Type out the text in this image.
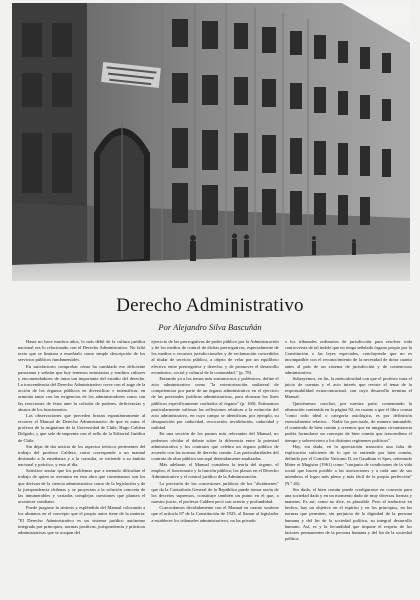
Derecho Administrativo
Por Alejandro Silva Bascuñán

Hasta no hace muchos años, lo más débil de la cultura jurídica nacional era lo relacionado con el Derecho Administrativo. No faltó texto que se limitara a enseñarlo como simple descripción de los servicios públicos fundamentales.

En satisfactorio comprobar cómo ha cambiado ese deficiente panorama y señalar que hoy tenemos entusiastas y eruditos cultores y encomendadores de rama tan importante del estudio del derecho. La trascendencia del Derecho Administrativo crece con el auge de la acción de los órganos públicos en diversificar e intensificar, en armonía tanto con las exigencias de los administradores como con las reacciones de éstos ante la colisión de poderes, deficiencias y abusos de los funcionarios.

Las observaciones que preceden brotan espontáneamente al recorrer el Manual de Derecho Administrativo de que es autor el profesor de la asignatura de la Universidad de Chile, Hugo Caldera Delgado, y que sale de imprenta con el sello de la Editorial Jurídica de Chile.

Sin dejar de dar noticia de los aspectos teóricos pertinentes del trabajo del profesor Caldera, como corresponde a un manual destinado a la enseñanza y a la consulta, se extiende a su ámbito nacional y práctico, y esto al día.

Satisface anotar que los problemas que a menudo dificultan el trabajo de quien se aventura en esta obra que comentamos son los que derivan de la ciencia administrativa como de la legislación y de la jurisprudencia chilenas y se proyectan a la solución concreta de las innumerables y variadas complejas cuestiones que plantea el acontecer cotidiano.

Puede juzgarse la síntesis y espléndida del Manual colocando a los alumnos en el concepto que el propio autor tiene de la materia: "El Derecho Administrativo es un sistema jurídico autónomo integrado por principios, normas positivas, jurisprudencia y prácticas administrativas que se ocupan del

ejercicio de las prerrogativas de poder público por la Administración y de los medios de control de dichas prerrogativas, especialmente de los medios o recursos jurisdiccionales y de reclamación concedidos al titular de servicio público, a objeto de velar por un equilibrio efectivo entre prerrogativa y derecho, y de promover el desarrollo económico, social y cultural de la comunidad." (p. 78).

Entrando ya a los temas más sustanciosos y polémicos, define el acto administrativo como "la exteriorización unilateral de competencias por parte de un órgano administrativo en el ejercicio de las potestades jurídicas administrativas, para alcanzar los fines públicos específicamente confiados al órgano" (p. 160). Estimamos particularmente valiosas las reflexiones relativas a la extinción del acto administrativo, en cuyo campo se identifican, por ejemplo, su desaparición por caducidad, revocación, invalidación, caducidad y nulidad.

En una sección de los puntos más relevantes del Manual, no podemos olvidar el debate sobre la diferencia entre la potestad administrativa y los contratos que celebra un órgano público de acuerdo con las normas de derecho común. Las particularidades del contrato de obra pública son aquí detenidamente analizadas.

Más adelante, el Manual considera la teoría del órgano, el empleo, el funcionario y la función pública; los planos en el Derecho Administrativo y el control jurídico de la Administración.

La precisión de las concesiones jurídicas de los "dictámenes" que da la Contraloría General de la República puede tomar razón de los decretos supremos, constituye también un punto en el que, a nuestro juicio, el profesor Caldera pecó con acierto y profundidad.

Concordamos decididamente con el Manual en cuanto sostiene que el artículo 87 de la Constitución de 1925, al llamar al legislador a establecer los tribunales administrativos, no ha privado

a los tribunales ordinarios de jurisdicción para resolver toda controversia de tal índole que no tenga señalado órgano propio por la Constitución o las leyes especiales, concluyendo que no es incompatible con el reconocimiento de la necesidad de dotar cuanto antes al país de un sistema de jurisdicción y de contencioso administrativo.

Subrayemos, en fin, la meticulosidad con que el profesor trata el juicio de cuentas y el acto interés que reviste el tema de la responsabilidad extracontractual, con cuyo desarrollo termina el Manual.

Quisiéramos concluir, por nuestra parte, comentando la afirmación contenida en la página 92, en cuanto a que el libro consta "como todo ideal o categoría axiológica, es por definición esencialmente relativo... Nadie ha precisado, de manera inmutable, el contenido de bien común y creemos que en ninguna circunstancia podría formularse un concepto de bien común que trascendiera el tiempo y sobreviviera a los distintos regímenes políticos".

Hay, sin duda, en la apreciación transcrita una falta de explicación suficiente de lo que se entiende por bien común, definido por el Concilio Vaticano II, en Gaudium et Spes, reiterando Mater et Magistra (1961) como "conjunto de condiciones de la vida social que hacen posible a las asociaciones y a cada uno de sus miembros el logro más pleno y más fácil de la propia perfección" (N.º 26).

Sin duda, el bien común puede configurarse en concreto para una sociedad dada y en un momento dado de muy diversas formas y maneras. Es así, como no dice, es plausible. Pero al traducirse en hechos, hay un objetivo en el espíritu y en los principios, en las normas que permiten, sin perjuicio de la dignidad de la persona humana y del fin de la sociedad política, su integral desarrollo humano. Así, es y la fecundidad que impone el respeto de los factores permanentes de la persona humana y del fin de la sociedad política.
